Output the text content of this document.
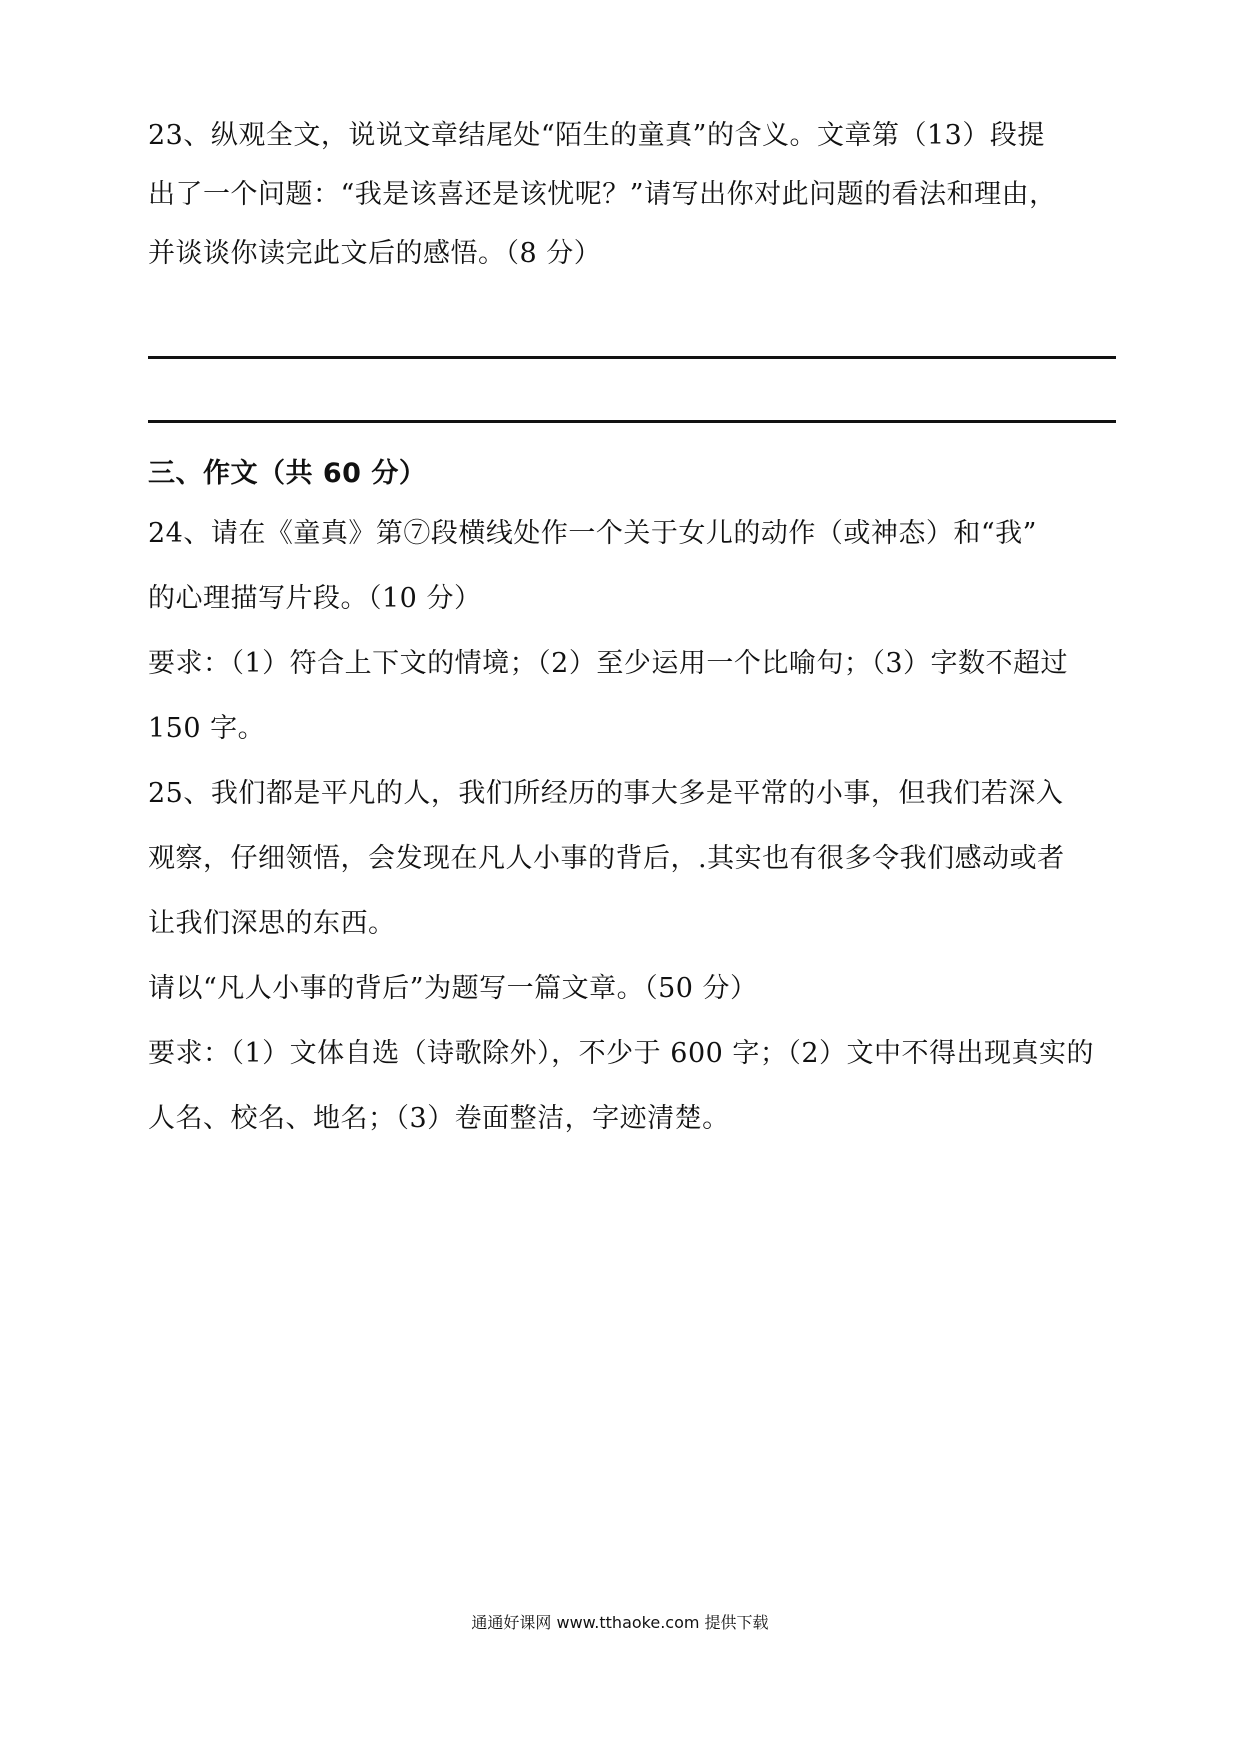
23、纵观全文，说说文章结尾处“陌生的童真”的含义。文章第（13）段提
出了一个问题：“我是该喜还是该忧呢？”请写出你对此问题的看法和理由，
并谈谈你读完此文后的感悟。（8 分）
三、作文（共 60 分）
24、请在《童真》第⑦段横线处作一个关于女儿的动作（或神态）和“我”
的心理描写片段。（10 分）
要求：（1）符合上下文的情境；（2）至少运用一个比喻句；（3）字数不超过
150 字。
25、我们都是平凡的人，我们所经历的事大多是平常的小事，但我们若深入
观察，仔细领悟，会发现在凡人小事的背后，.其实也有很多令我们感动或者
让我们深思的东西。
请以“凡人小事的背后”为题写一篇文章。（50 分）
要求：（1）文体自选（诗歌除外），不少于 600 字；（2）文中不得出现真实的
人名、校名、地名；（3）卷面整洁，字迹清楚。
通通好课网 www.tthaoke.com 提供下载
